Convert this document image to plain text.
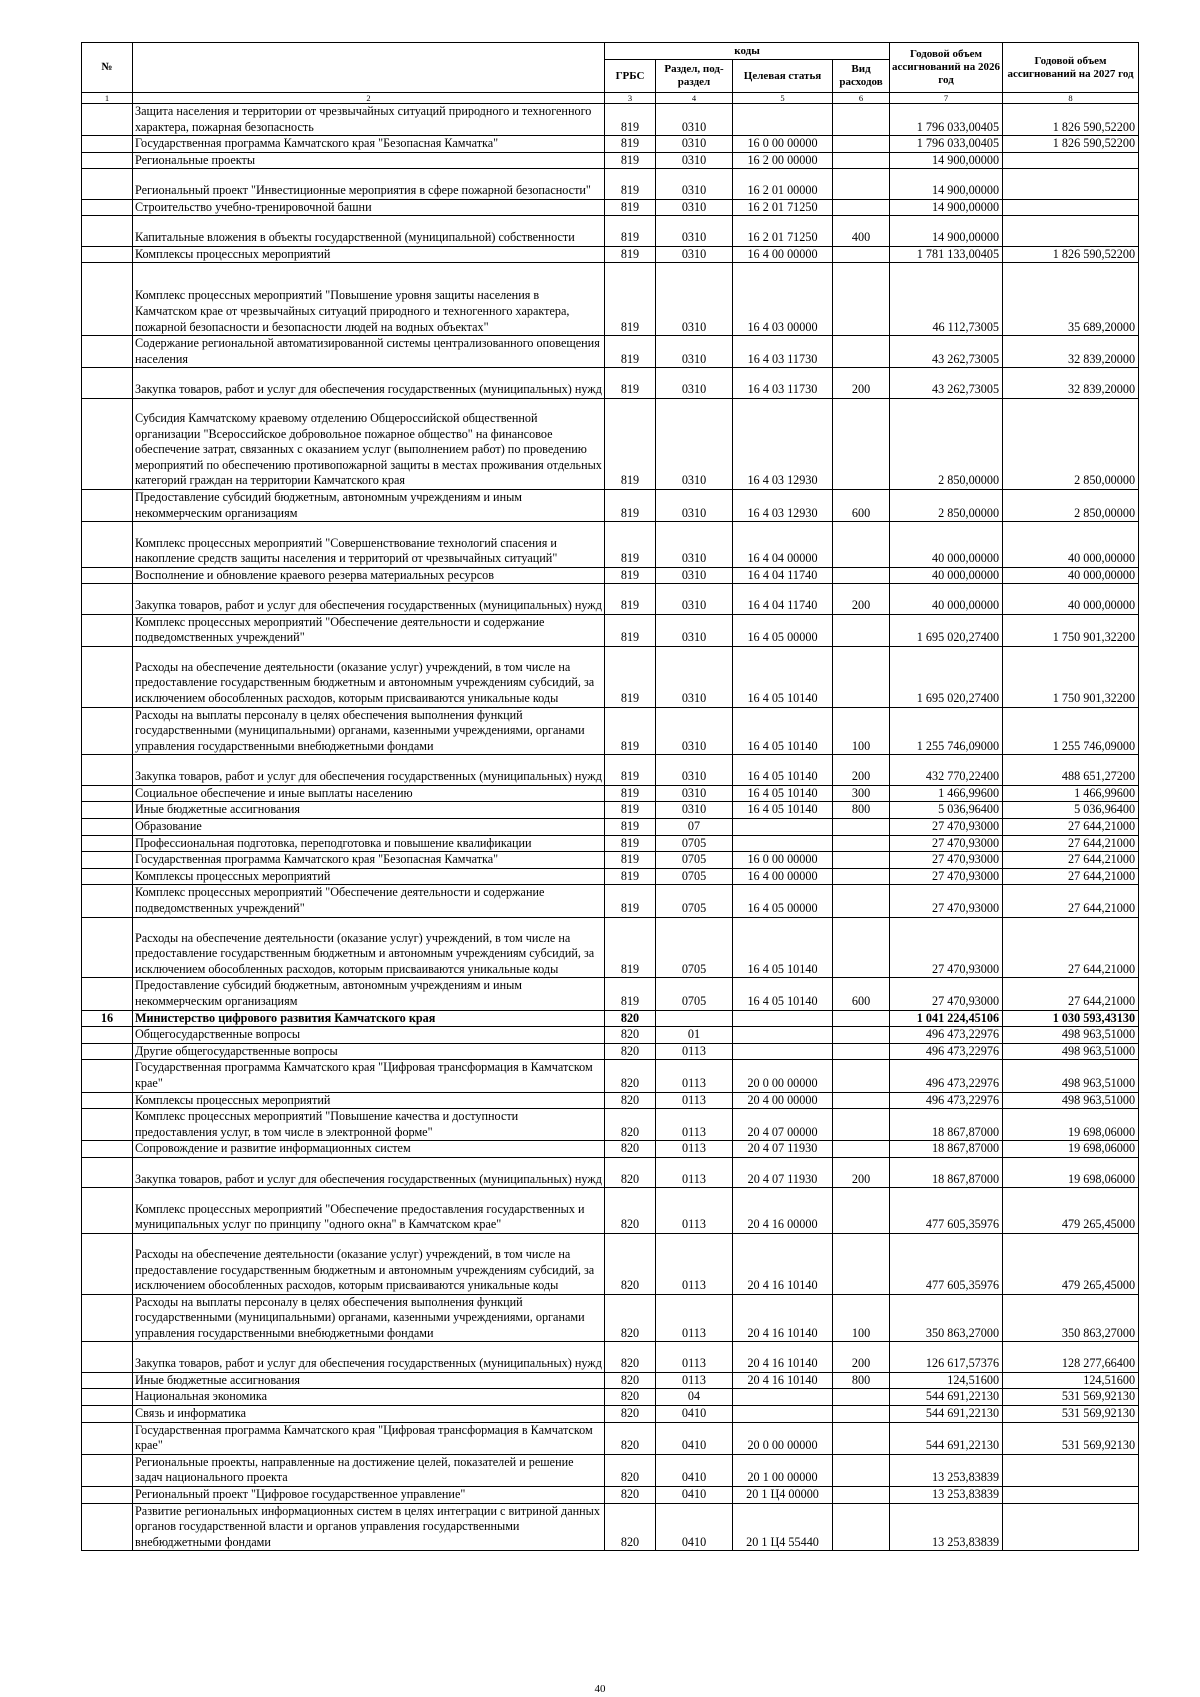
№		коды				Годовой объем ассигнований на 2026 год	Годовой объем ассигнований на 2027 год
		ГРБС	Раздел, под-раздел	Целевая статья	Вид расходов		
1	2	3	4	5	6	7	8
	Защита населения и территории от чрезвычайных ситуаций природного и техногенного характера, пожарная безопасность	819	0310			1 796 033,00405	1 826 590,52200
	Государственная программа Камчатского края "Безопасная Камчатка"	819	0310	16 0 00 00000		1 796 033,00405	1 826 590,52200
	Региональные проекты	819	0310	16 2 00 00000		14 900,00000	
	Региональный проект "Инвестиционные мероприятия в сфере пожарной безопасности"	819	0310	16 2 01 00000		14 900,00000	
	Строительство учебно-тренировочной башни	819	0310	16 2 01 71250		14 900,00000	
	Капитальные вложения в объекты государственной (муниципальной) собственности	819	0310	16 2 01 71250	400	14 900,00000	
	Комплексы процессных мероприятий	819	0310	16 4 00 00000		1 781 133,00405	1 826 590,52200
	Комплекс процессных мероприятий "Повышение уровня защиты населения в Камчатском крае от чрезвычайных ситуаций природного и техногенного характера, пожарной безопасности и безопасности людей на водных объектах"	819	0310	16 4 03 00000		46 112,73005	35 689,20000
	Содержание региональной автоматизированной системы централизованного оповещения населения	819	0310	16 4 03 11730		43 262,73005	32 839,20000
	Закупка товаров, работ и услуг для обеспечения государственных (муниципальных) нужд	819	0310	16 4 03 11730	200	43 262,73005	32 839,20000
	Субсидия Камчатскому краевому отделению Общероссийской общественной организации "Всероссийское добровольное пожарное общество" на финансовое обеспечение затрат, связанных с оказанием услуг (выполнением работ) по проведению мероприятий по обеспечению противопожарной защиты в местах проживания отдельных категорий граждан на территории Камчатского края	819	0310	16 4 03 12930		2 850,00000	2 850,00000
	Предоставление субсидий бюджетным, автономным учреждениям и иным некоммерческим организациям	819	0310	16 4 03 12930	600	2 850,00000	2 850,00000
	Комплекс процессных мероприятий "Совершенствование технологий спасения и накопление средств защиты населения и территорий от чрезвычайных ситуаций"	819	0310	16 4 04 00000		40 000,00000	40 000,00000
	Восполнение и обновление краевого резерва материальных ресурсов	819	0310	16 4 04 11740		40 000,00000	40 000,00000
	Закупка товаров, работ и услуг для обеспечения государственных (муниципальных) нужд	819	0310	16 4 04 11740	200	40 000,00000	40 000,00000
	Комплекс процессных мероприятий "Обеспечение деятельности и содержание подведомственных учреждений"	819	0310	16 4 05 00000		1 695 020,27400	1 750 901,32200
	Расходы на обеспечение деятельности (оказание услуг) учреждений, в том числе на предоставление государственным бюджетным и автономным учреждениям субсидий, за исключением обособленных расходов, которым присваиваются уникальные коды	819	0310	16 4 05 10140		1 695 020,27400	1 750 901,32200
	Расходы на выплаты персоналу в целях обеспечения выполнения функций государственными (муниципальными) органами, казенными учреждениями, органами управления государственными внебюджетными фондами	819	0310	16 4 05 10140	100	1 255 746,09000	1 255 746,09000
	Закупка товаров, работ и услуг для обеспечения государственных (муниципальных) нужд	819	0310	16 4 05 10140	200	432 770,22400	488 651,27200
	Социальное обеспечение и иные выплаты населению	819	0310	16 4 05 10140	300	1 466,99600	1 466,99600
	Иные бюджетные ассигнования	819	0310	16 4 05 10140	800	5 036,96400	5 036,96400
	Образование	819	07			27 470,93000	27 644,21000
	Профессиональная подготовка, переподготовка и повышение квалификации	819	0705			27 470,93000	27 644,21000
	Государственная программа Камчатского края "Безопасная Камчатка"	819	0705	16 0 00 00000		27 470,93000	27 644,21000
	Комплексы процессных мероприятий	819	0705	16 4 00 00000		27 470,93000	27 644,21000
	Комплекс процессных мероприятий "Обеспечение деятельности и содержание подведомственных учреждений"	819	0705	16 4 05 00000		27 470,93000	27 644,21000
	Расходы на обеспечение деятельности (оказание услуг) учреждений, в том числе на предоставление государственным бюджетным и автономным учреждениям субсидий, за исключением обособленных расходов, которым присваиваются уникальные коды	819	0705	16 4 05 10140		27 470,93000	27 644,21000
	Предоставление субсидий бюджетным, автономным учреждениям и иным некоммерческим организациям	819	0705	16 4 05 10140	600	27 470,93000	27 644,21000
16	Министерство цифрового развития Камчатского края	820				1 041 224,45106	1 030 593,43130
	Общегосударственные вопросы	820	01			496 473,22976	498 963,51000
	Другие общегосударственные вопросы	820	0113			496 473,22976	498 963,51000
	Государственная программа Камчатского края "Цифровая трансформация в Камчатском крае"	820	0113	20 0 00 00000		496 473,22976	498 963,51000
	Комплексы процессных мероприятий	820	0113	20 4 00 00000		496 473,22976	498 963,51000
	Комплекс процессных мероприятий "Повышение качества и доступности предоставления услуг, в том числе в электронной форме"	820	0113	20 4 07 00000		18 867,87000	19 698,06000
	Сопровождение и развитие информационных систем	820	0113	20 4 07 11930		18 867,87000	19 698,06000
	Закупка товаров, работ и услуг для обеспечения государственных (муниципальных) нужд	820	0113	20 4 07 11930	200	18 867,87000	19 698,06000
	Комплекс процессных мероприятий "Обеспечение предоставления государственных и муниципальных услуг по принципу "одного окна" в Камчатском крае"	820	0113	20 4 16 00000		477 605,35976	479 265,45000
	Расходы на обеспечение деятельности (оказание услуг) учреждений, в том числе на предоставление государственным бюджетным и автономным учреждениям субсидий, за исключением обособленных расходов, которым присваиваются уникальные коды	820	0113	20 4 16 10140		477 605,35976	479 265,45000
	Расходы на выплаты персоналу в целях обеспечения выполнения функций государственными (муниципальными) органами, казенными учреждениями, органами управления государственными внебюджетными фондами	820	0113	20 4 16 10140	100	350 863,27000	350 863,27000
	Закупка товаров, работ и услуг для обеспечения государственных (муниципальных) нужд	820	0113	20 4 16 10140	200	126 617,57376	128 277,66400
	Иные бюджетные ассигнования	820	0113	20 4 16 10140	800	124,51600	124,51600
	Национальная экономика	820	04			544 691,22130	531 569,92130
	Связь и информатика	820	0410			544 691,22130	531 569,92130
	Государственная программа Камчатского края "Цифровая трансформация в Камчатском крае"	820	0410	20 0 00 00000		544 691,22130	531 569,92130
	Региональные проекты, направленные на достижение целей, показателей и решение задач национального проекта	820	0410	20 1 00 00000		13 253,83839	
	Региональный проект "Цифровое государственное управление"	820	0410	20 1 Ц4 00000		13 253,83839	
	Развитие региональных информационных систем в целях интеграции с витриной данных органов государственной власти и органов управления государственными внебюджетными фондами	820	0410	20 1 Ц4 55440		13 253,83839	
40
